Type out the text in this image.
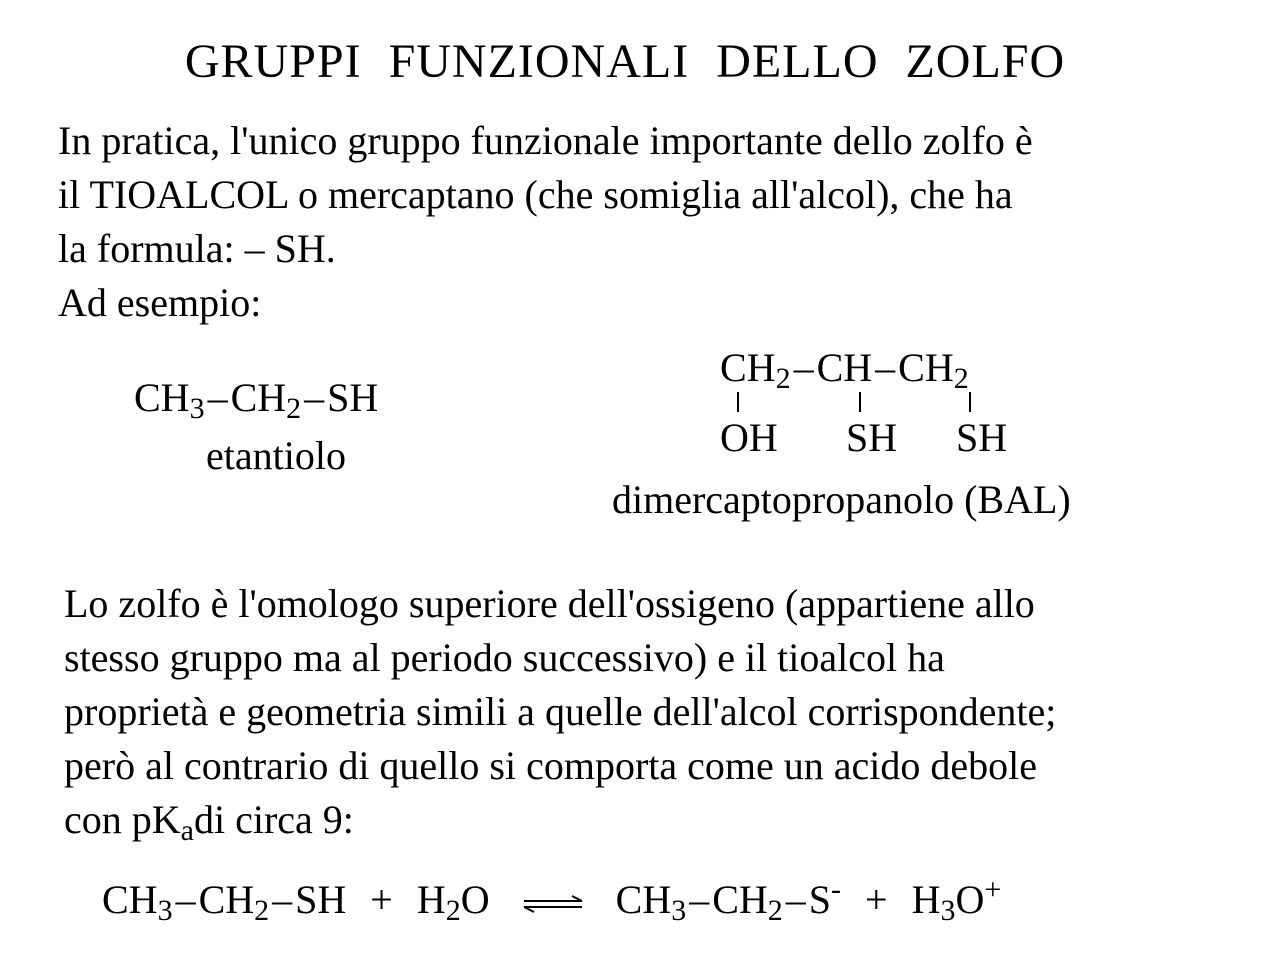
GRUPPI FUNZIONALI DELLO ZOLFO
In pratica, l'unico gruppo funzionale importante dello zolfo è
il TIOALCOL o mercaptano (che somiglia all'alcol), che ha
la formula: – SH.
Ad esempio:
$CH_3-CH_2-SH$
etantiolo
$CH_2-CH-CH_2$
OH SH SH
dimercaptopropanolo (BAL)
Lo zolfo è l'omologo superiore dell'ossigeno (appartiene allo
stesso gruppo ma al periodo successivo) e il tioalcol ha
proprietà e geometria simili a quelle dell'alcol corrispondente;
però al contrario di quello si comporta come un acido debole
con $pK_adi$ circa 9:
$CH_3-CH_2-SH + H_2O$ ⇌ $CH_3-CH_2-S^- + H_3O^+$
